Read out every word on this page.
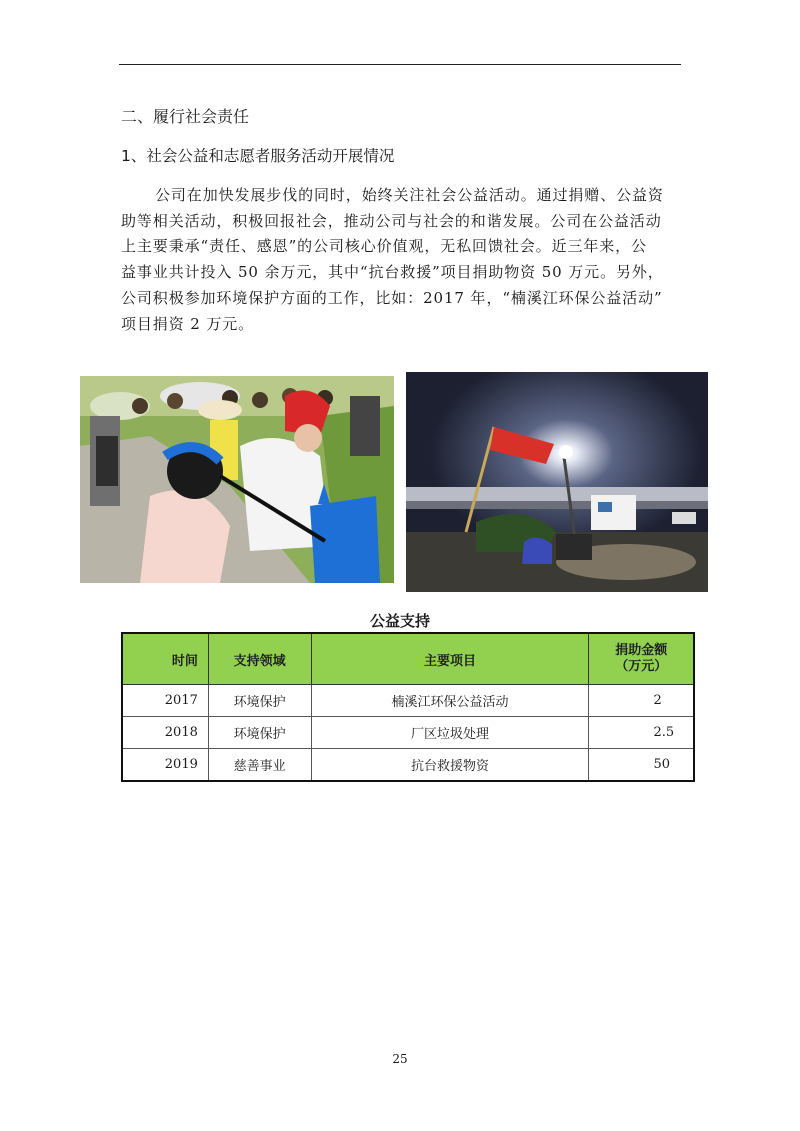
二、履行社会责任
1、社会公益和志愿者服务活动开展情况
公司在加快发展步伐的同时，始终关注社会公益活动。通过捐赠、公益资
助等相关活动，积极回报社会，推动公司与社会的和谐发展。公司在公益活动
上主要秉承“责任、感恩”的公司核心价值观，无私回馈社会。近三年来，公
益事业共计投入 50 余万元，其中“抗台救援”项目捐助物资 50 万元。另外，
公司积极参加环境保护方面的工作，比如：2017 年，“楠溪江环保公益活动”
项目捐资 2 万元。
公益支持
时间	支持领域	主要项目	捐助金额
（万元）

2017	环境保护	楠溪江环保公益活动	2
2018	环境保护	厂区垃圾处理	2.5
2019	慈善事业	抗台救援物资	50
25
